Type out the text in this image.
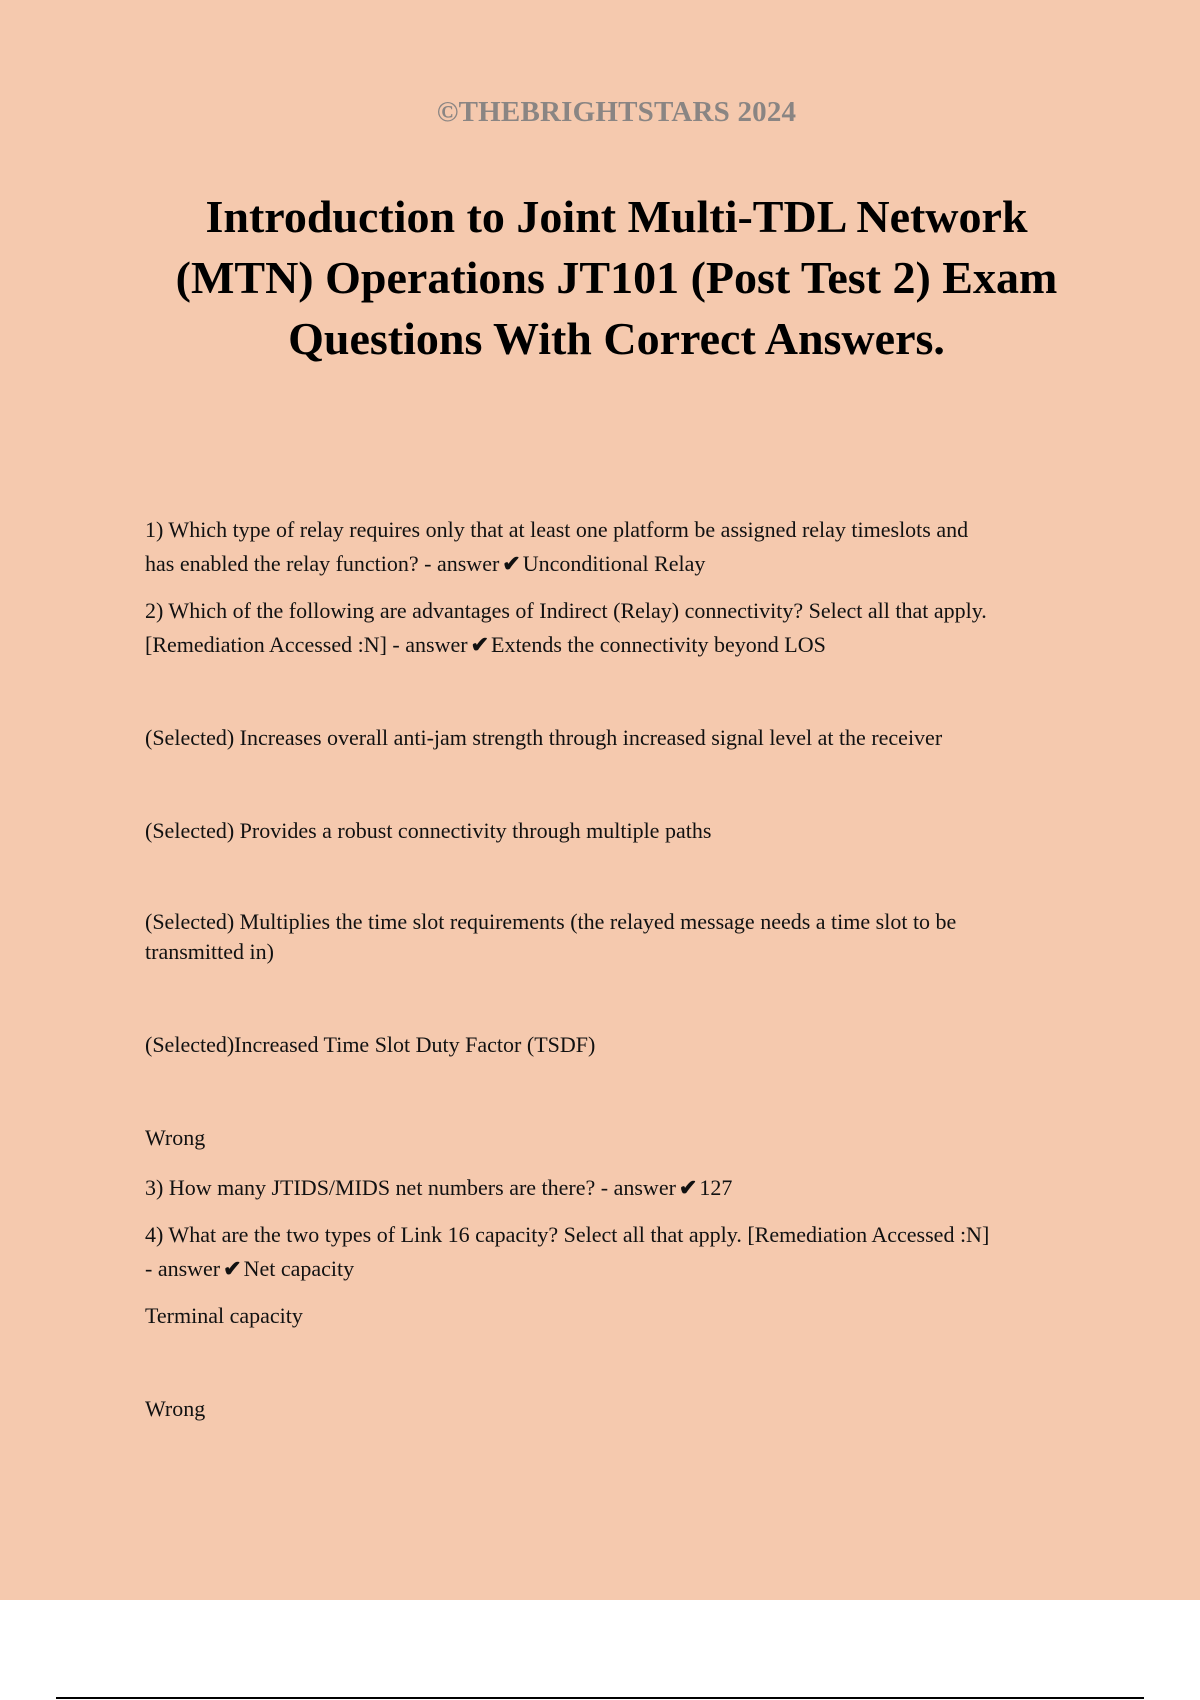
©THEBRIGHTSTARS 2024
Introduction to Joint Multi-TDL Network
(MTN) Operations JT101 (Post Test 2) Exam
Questions With Correct Answers.
1) Which type of relay requires only that at least one platform be assigned relay timeslots and
has enabled the relay function? - answer ✔Unconditional Relay
2) Which of the following are advantages of Indirect (Relay) connectivity? Select all that apply.
[Remediation Accessed :N] - answer ✔Extends the connectivity beyond LOS
(Selected) Increases overall anti-jam strength through increased signal level at the receiver
(Selected) Provides a robust connectivity through multiple paths
(Selected) Multiplies the time slot requirements (the relayed message needs a time slot to be
transmitted in)
(Selected)Increased Time Slot Duty Factor (TSDF)
Wrong
3) How many JTIDS/MIDS net numbers are there? - answer ✔127
4) What are the two types of Link 16 capacity? Select all that apply. [Remediation Accessed :N]
- answer ✔Net capacity
Terminal capacity
Wrong
